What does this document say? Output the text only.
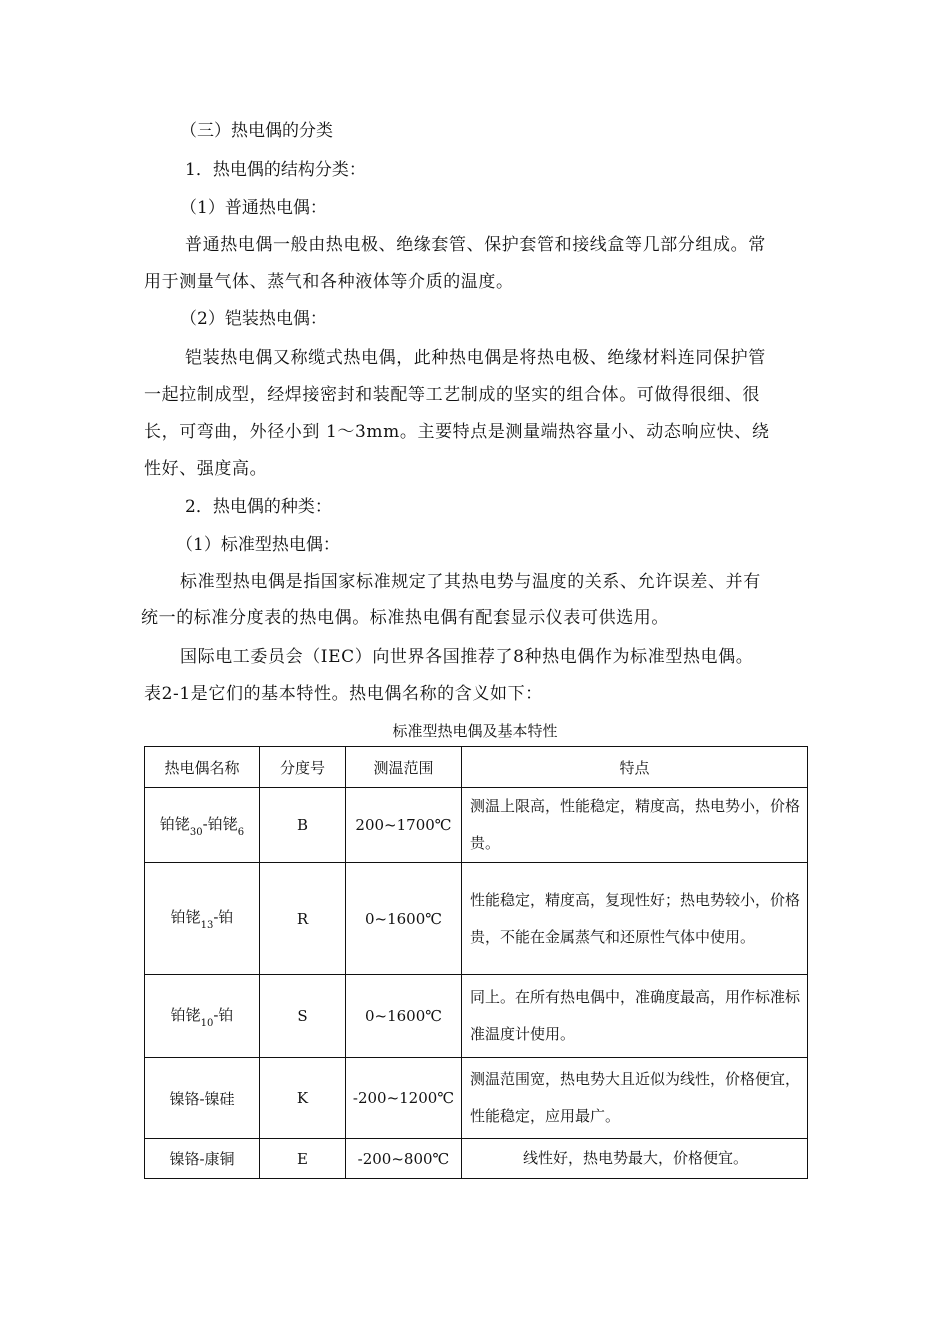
（三）热电偶的分类

1．热电偶的结构分类：

（1）普通热电偶：

普通热电偶一般由热电极、绝缘套管、保护套管和接线盒等几部分组成。常

用于测量气体、蒸气和各种液体等介质的温度。

（2）铠装热电偶：

铠装热电偶又称缆式热电偶，此种热电偶是将热电极、绝缘材料连同保护管

一起拉制成型，经焊接密封和装配等工艺制成的坚实的组合体。可做得很细、很

长，可弯曲，外径小到 1～3mm。主要特点是测量端热容量小、动态响应快、绕

性好、强度高。

2．热电偶的种类：

（1）标准型热电偶：

标准型热电偶是指国家标准规定了其热电势与温度的关系、允许误差、并有

统一的标准分度表的热电偶。标准热电偶有配套显示仪表可供选用。

国际电工委员会（IEC）向世界各国推荐了8种热电偶作为标准型热电偶。

表2-1是它们的基本特性。热电偶名称的含义如下：

标准型热电偶及基本特性
热电偶名称	分度号	测温范围	特点
铂铑$_{30}$-铂铑$_6$	B	200~1700℃	测温上限高，性能稳定，精度高，热电势小，价格贵。
铂铑$_{13}$-铂	R	0~1600℃	性能稳定，精度高，复现性好；热电势较小，价格贵，不能在金属蒸气和还原性气体中使用。
铂铑$_{10}$-铂	S	0~1600℃	同上。在所有热电偶中，准确度最高，用作标准标准温度计使用。
镍铬-镍硅	K	-200~1200℃	测温范围宽，热电势大且近似为线性，价格便宜，性能稳定，应用最广。
镍铬-康铜	E	-200~800℃	线性好，热电势最大，价格便宜。
